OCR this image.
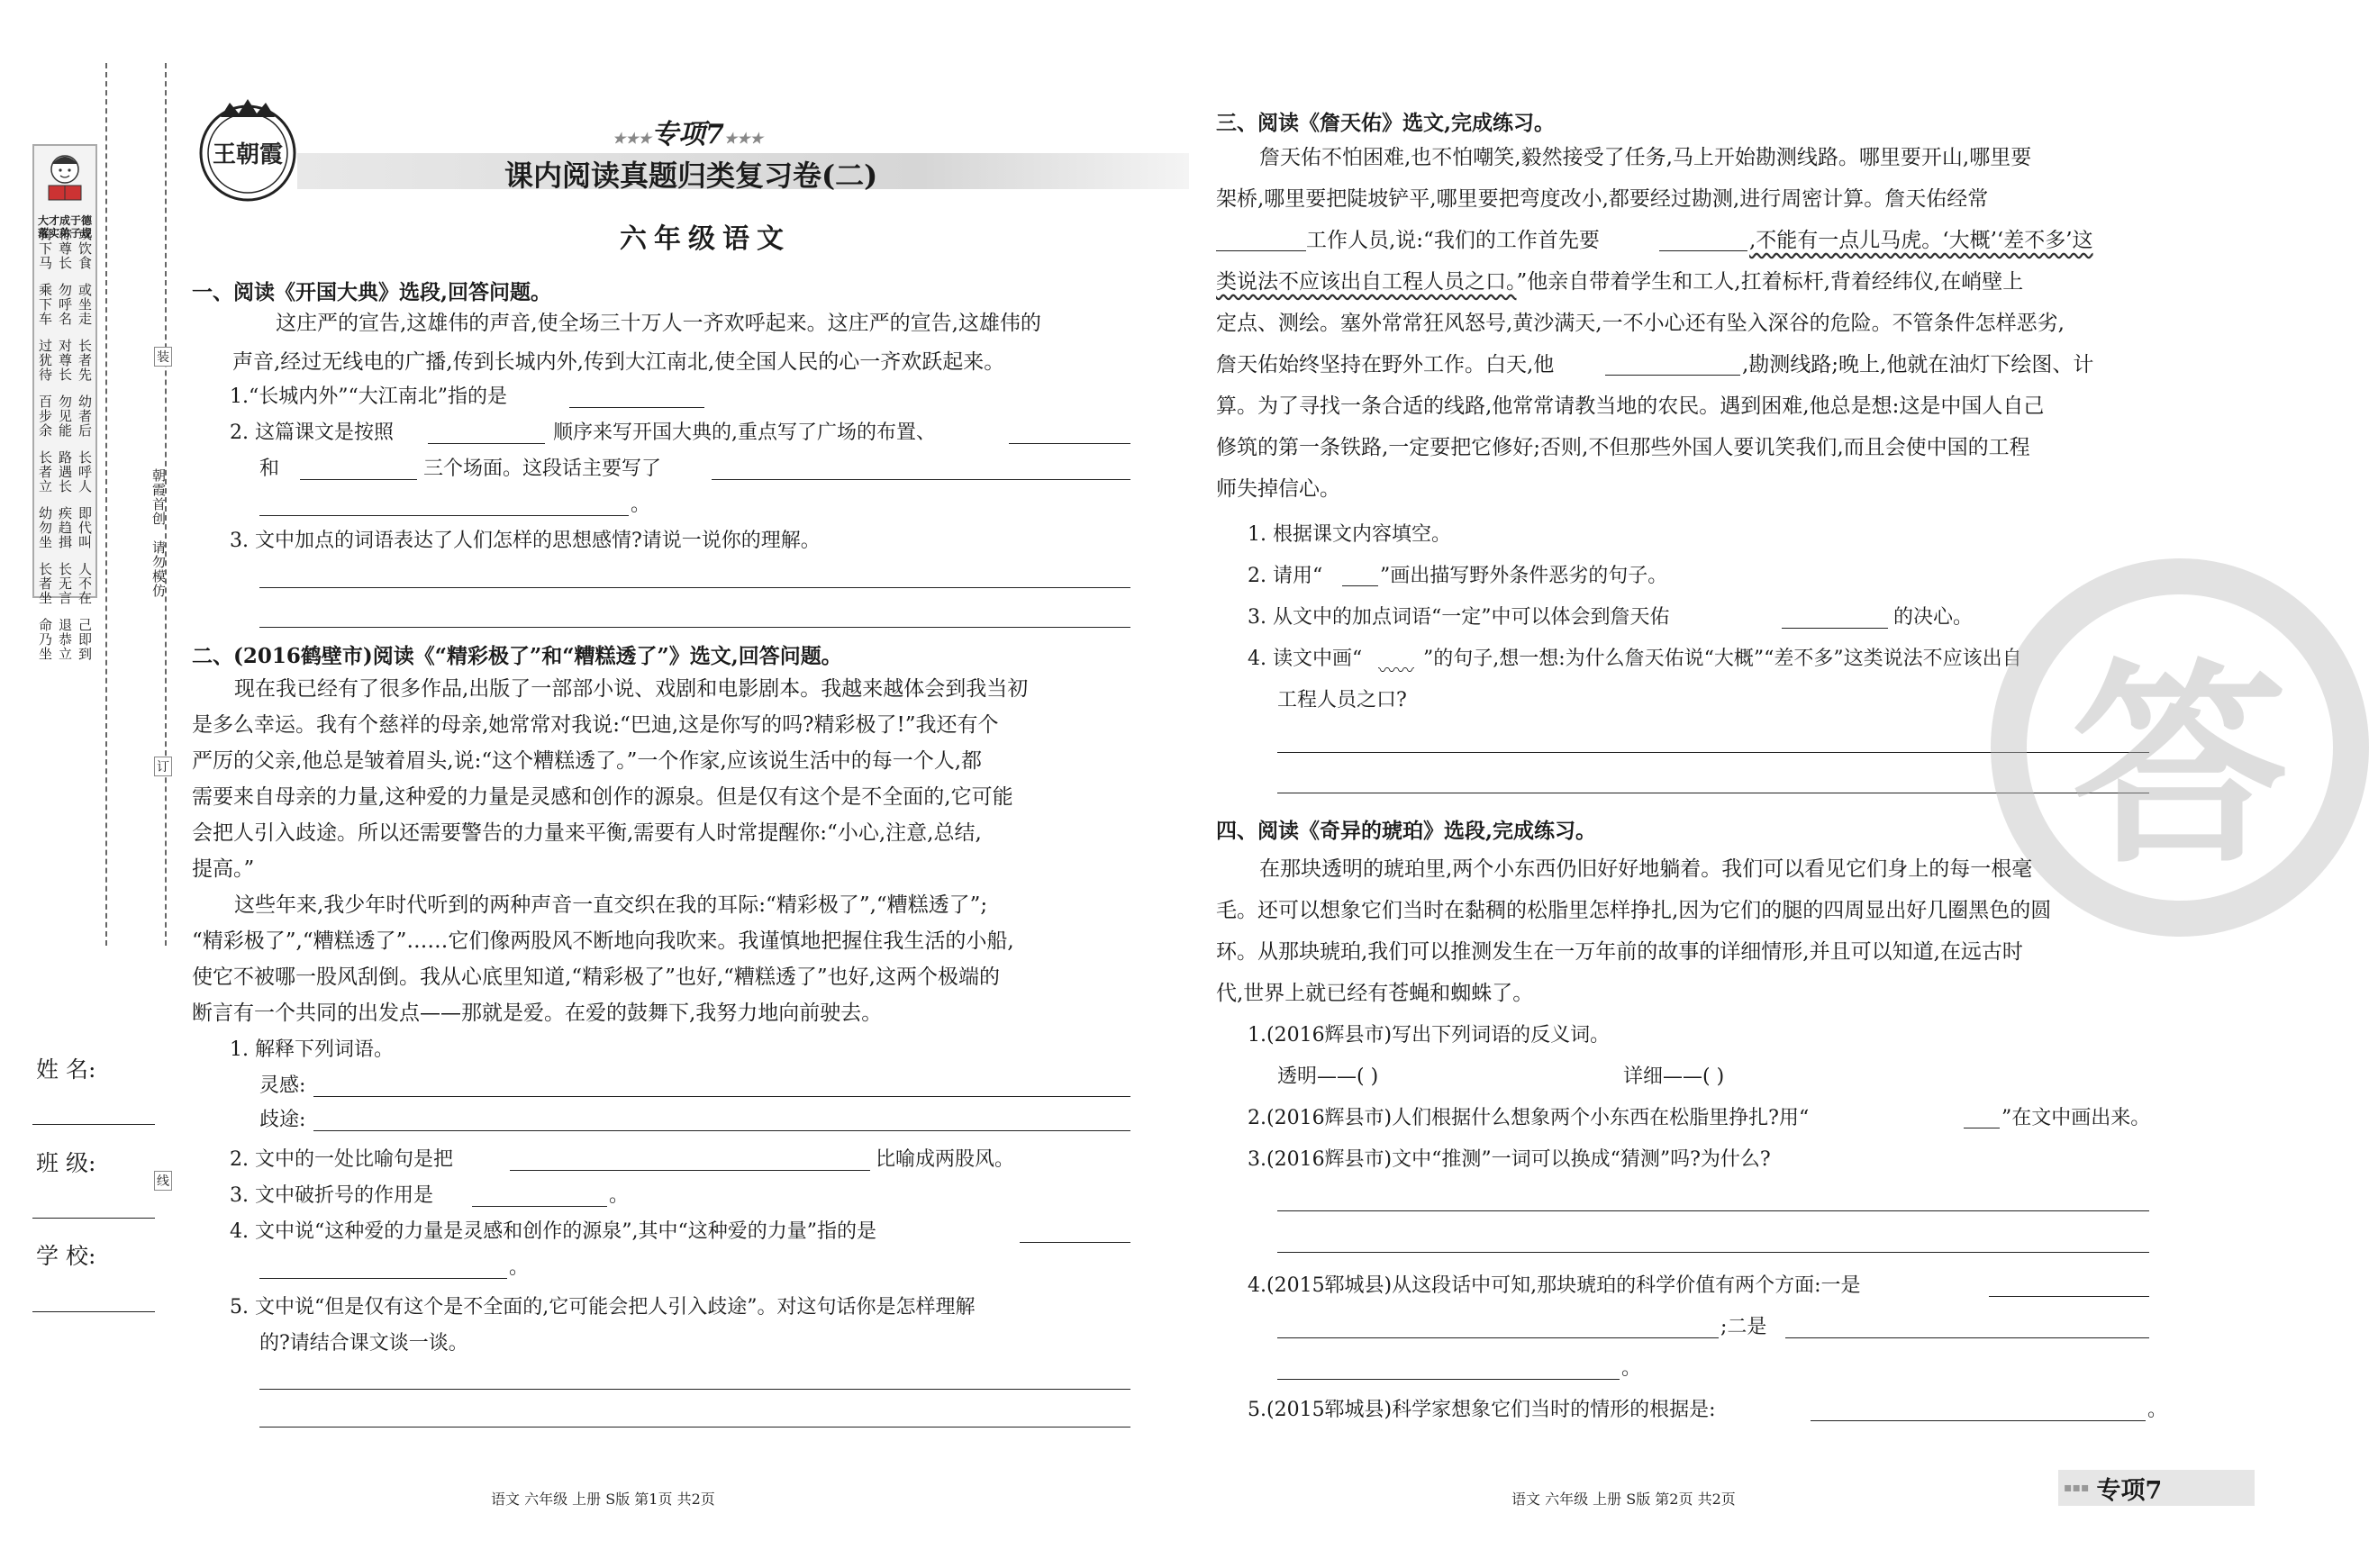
大才成于德 落实弟子规
骑下马 称尊长 或饮食
乘下车 勿呼名 或坐走
过犹待 对尊长 长者先
百步余 勿见能 幼者后
长者立 路遇长 长呼人
幼勿坐 疾趋揖 即代叫
长者坐 长无言 人不在
命乃坐 退恭立 己即到
朝霞首创
请勿模仿
装
订
线
姓 名:
班 级:
学 校:
王朝霞
★★★专项7★★★
课内阅读真题归类复习卷(二)
六年级语文
一、阅读《开国大典》选段,回答问题。
这庄严的宣告,这雄伟的声音,使全场三十万人一齐欢呼起来。这庄严的宣告,这雄伟的
声音,经过无线电的广播,传到长城内外,传到大江南北,使全国人民的心一齐欢跃起来。
1.“长城内外”“大江南北”指的是
2. 这篇课文是按照	顺序来写开国大典的,重点写了广场的布置、
和	三个场面。这段话主要写了
。
3. 文中加点的词语表达了人们怎样的思想感情?请说一说你的理解。
二、(2016鹤壁市)阅读《“精彩极了”和“糟糕透了”》选文,回答问题。
现在我已经有了很多作品,出版了一部部小说、戏剧和电影剧本。我越来越体会到我当初
是多么幸运。我有个慈祥的母亲,她常常对我说:“巴迪,这是你写的吗?精彩极了!”我还有个
严厉的父亲,他总是皱着眉头,说:“这个糟糕透了。”一个作家,应该说生活中的每一个人,都
需要来自母亲的力量,这种爱的力量是灵感和创作的源泉。但是仅有这个是不全面的,它可能
会把人引入歧途。所以还需要警告的力量来平衡,需要有人时常提醒你:“小心,注意,总结,
提高。”
这些年来,我少年时代听到的两种声音一直交织在我的耳际:“精彩极了”,“糟糕透了”;
“精彩极了”,“糟糕透了”……它们像两股风不断地向我吹来。我谨慎地把握住我生活的小船,
使它不被哪一股风刮倒。我从心底里知道,“精彩极了”也好,“糟糕透了”也好,这两个极端的
断言有一个共同的出发点——那就是爱。在爱的鼓舞下,我努力地向前驶去。
1. 解释下列词语。
灵感:
歧途:
2. 文中的一处比喻句是把	比喻成两股风。
3. 文中破折号的作用是	。
4. 文中说“这种爱的力量是灵感和创作的源泉”,其中“这种爱的力量”指的是
。
5. 文中说“但是仅有这个是不全面的,它可能会把人引入歧途”。对这句话你是怎样理解
的?请结合课文谈一谈。
语文 六年级 上册 S版 第1页 共2页
三、阅读《詹天佑》选文,完成练习。
詹天佑不怕困难,也不怕嘲笑,毅然接受了任务,马上开始勘测线路。哪里要开山,哪里要
架桥,哪里要把陡坡铲平,哪里要把弯度改小,都要经过勘测,进行周密计算。詹天佑经常
工作人员,说:“我们的工作首先要	,不能有一点儿马虎。‘大概’‘差不多’这
类说法不应该出自工程人员之口。”他亲自带着学生和工人,扛着标杆,背着经纬仪,在峭壁上
定点、测绘。塞外常常狂风怒号,黄沙满天,一不小心还有坠入深谷的危险。不管条件怎样恶劣,
詹天佑始终坚持在野外工作。白天,他	,勘测线路;晚上,他就在油灯下绘图、计
算。为了寻找一条合适的线路,他常常请教当地的农民。遇到困难,他总是想:这是中国人自己
修筑的第一条铁路,一定要把它修好;否则,不但那些外国人要讥笑我们,而且会使中国的工程
师失掉信心。
1. 根据课文内容填空。
2. 请用“	”画出描写野外条件恶劣的句子。
3. 从文中的加点词语“一定”中可以体会到詹天佑	的决心。
4. 读文中画“ 〰〰 ”的句子,想一想:为什么詹天佑说“大概”“差不多”这类说法不应该出自
工程人员之口?	答
四、阅读《奇异的琥珀》选段,完成练习。
在那块透明的琥珀里,两个小东西仍旧好好地躺着。我们可以看见它们身上的每一根毫
毛。还可以想象它们当时在黏稠的松脂里怎样挣扎,因为它们的腿的四周显出好几圈黑色的圆
环。从那块琥珀,我们可以推测发生在一万年前的故事的详细情形,并且可以知道,在远古时
代,世界上就已经有苍蝇和蜘蛛了。
1.(2016辉县市)写出下列词语的反义词。
透明——( )	详细——( )
2.(2016辉县市)人们根据什么想象两个小东西在松脂里挣扎?用“	”在文中画出来。
3.(2016辉县市)文中“推测”一词可以换成“猜测”吗?为什么?
4.(2015郓城县)从这段话中可知,那块琥珀的科学价值有两个方面:一是
;二是
。
5.(2015郓城县)科学家想象它们当时的情形的根据是:	。
语文 六年级 上册 S版 第2页 共2页
▪▪▪ 专项7
